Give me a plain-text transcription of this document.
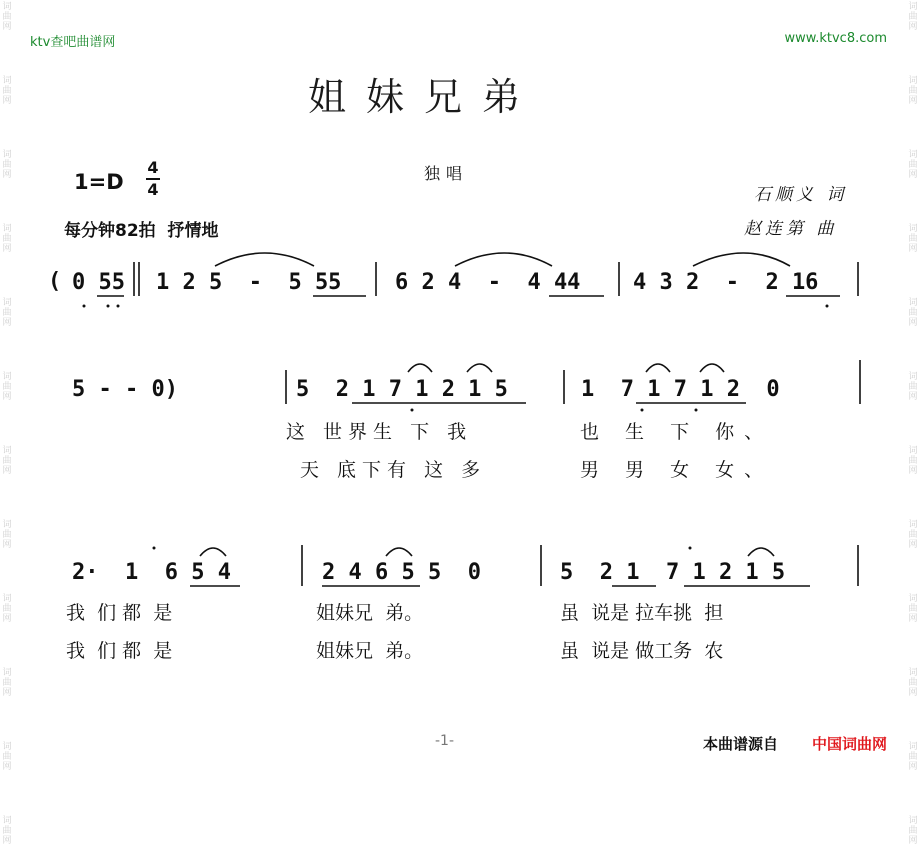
词
曲
网
词
曲
网
词
曲
网
词
曲
网
词
曲
网
词
曲
网
词
曲
网
词
曲
网
词
曲
网
词
曲
网
词
曲
网
词
曲
网
词
曲
网
词
曲
网
词
曲
网
词
曲
网
词
曲
网
词
曲
网
词
曲
网
词
曲
网
词
曲
网
词
曲
网
词
曲
网
词
曲
网
ktv查吧曲谱网	www.ktvc8.com
姐妹兄弟
1=D
4
4
独唱
石顺义 词
赵连第 曲
每分钟82拍  抒情地
( 0 55 1 2 5  -  5 55 6 2 4  -  4 44 4 3 2  -  2 16
5 - - 0)	5  2 1 7 1 2 1 5	1  7 1 7 1 2  0
这 世界生 下 我	也 生 下 你、
天 底下有 这 多	男 男 女 女、
2·  1  6 5 4	2 4 6 5 5  0	5  2 1  7 1 2 1 5
我  们 都  是	姐妹兄  弟。	虽  说是 拉车挑  担
我  们 都  是	姐妹兄  弟。	虽  说是 做工务  农
-1-	本曲谱源自 中国词曲网
